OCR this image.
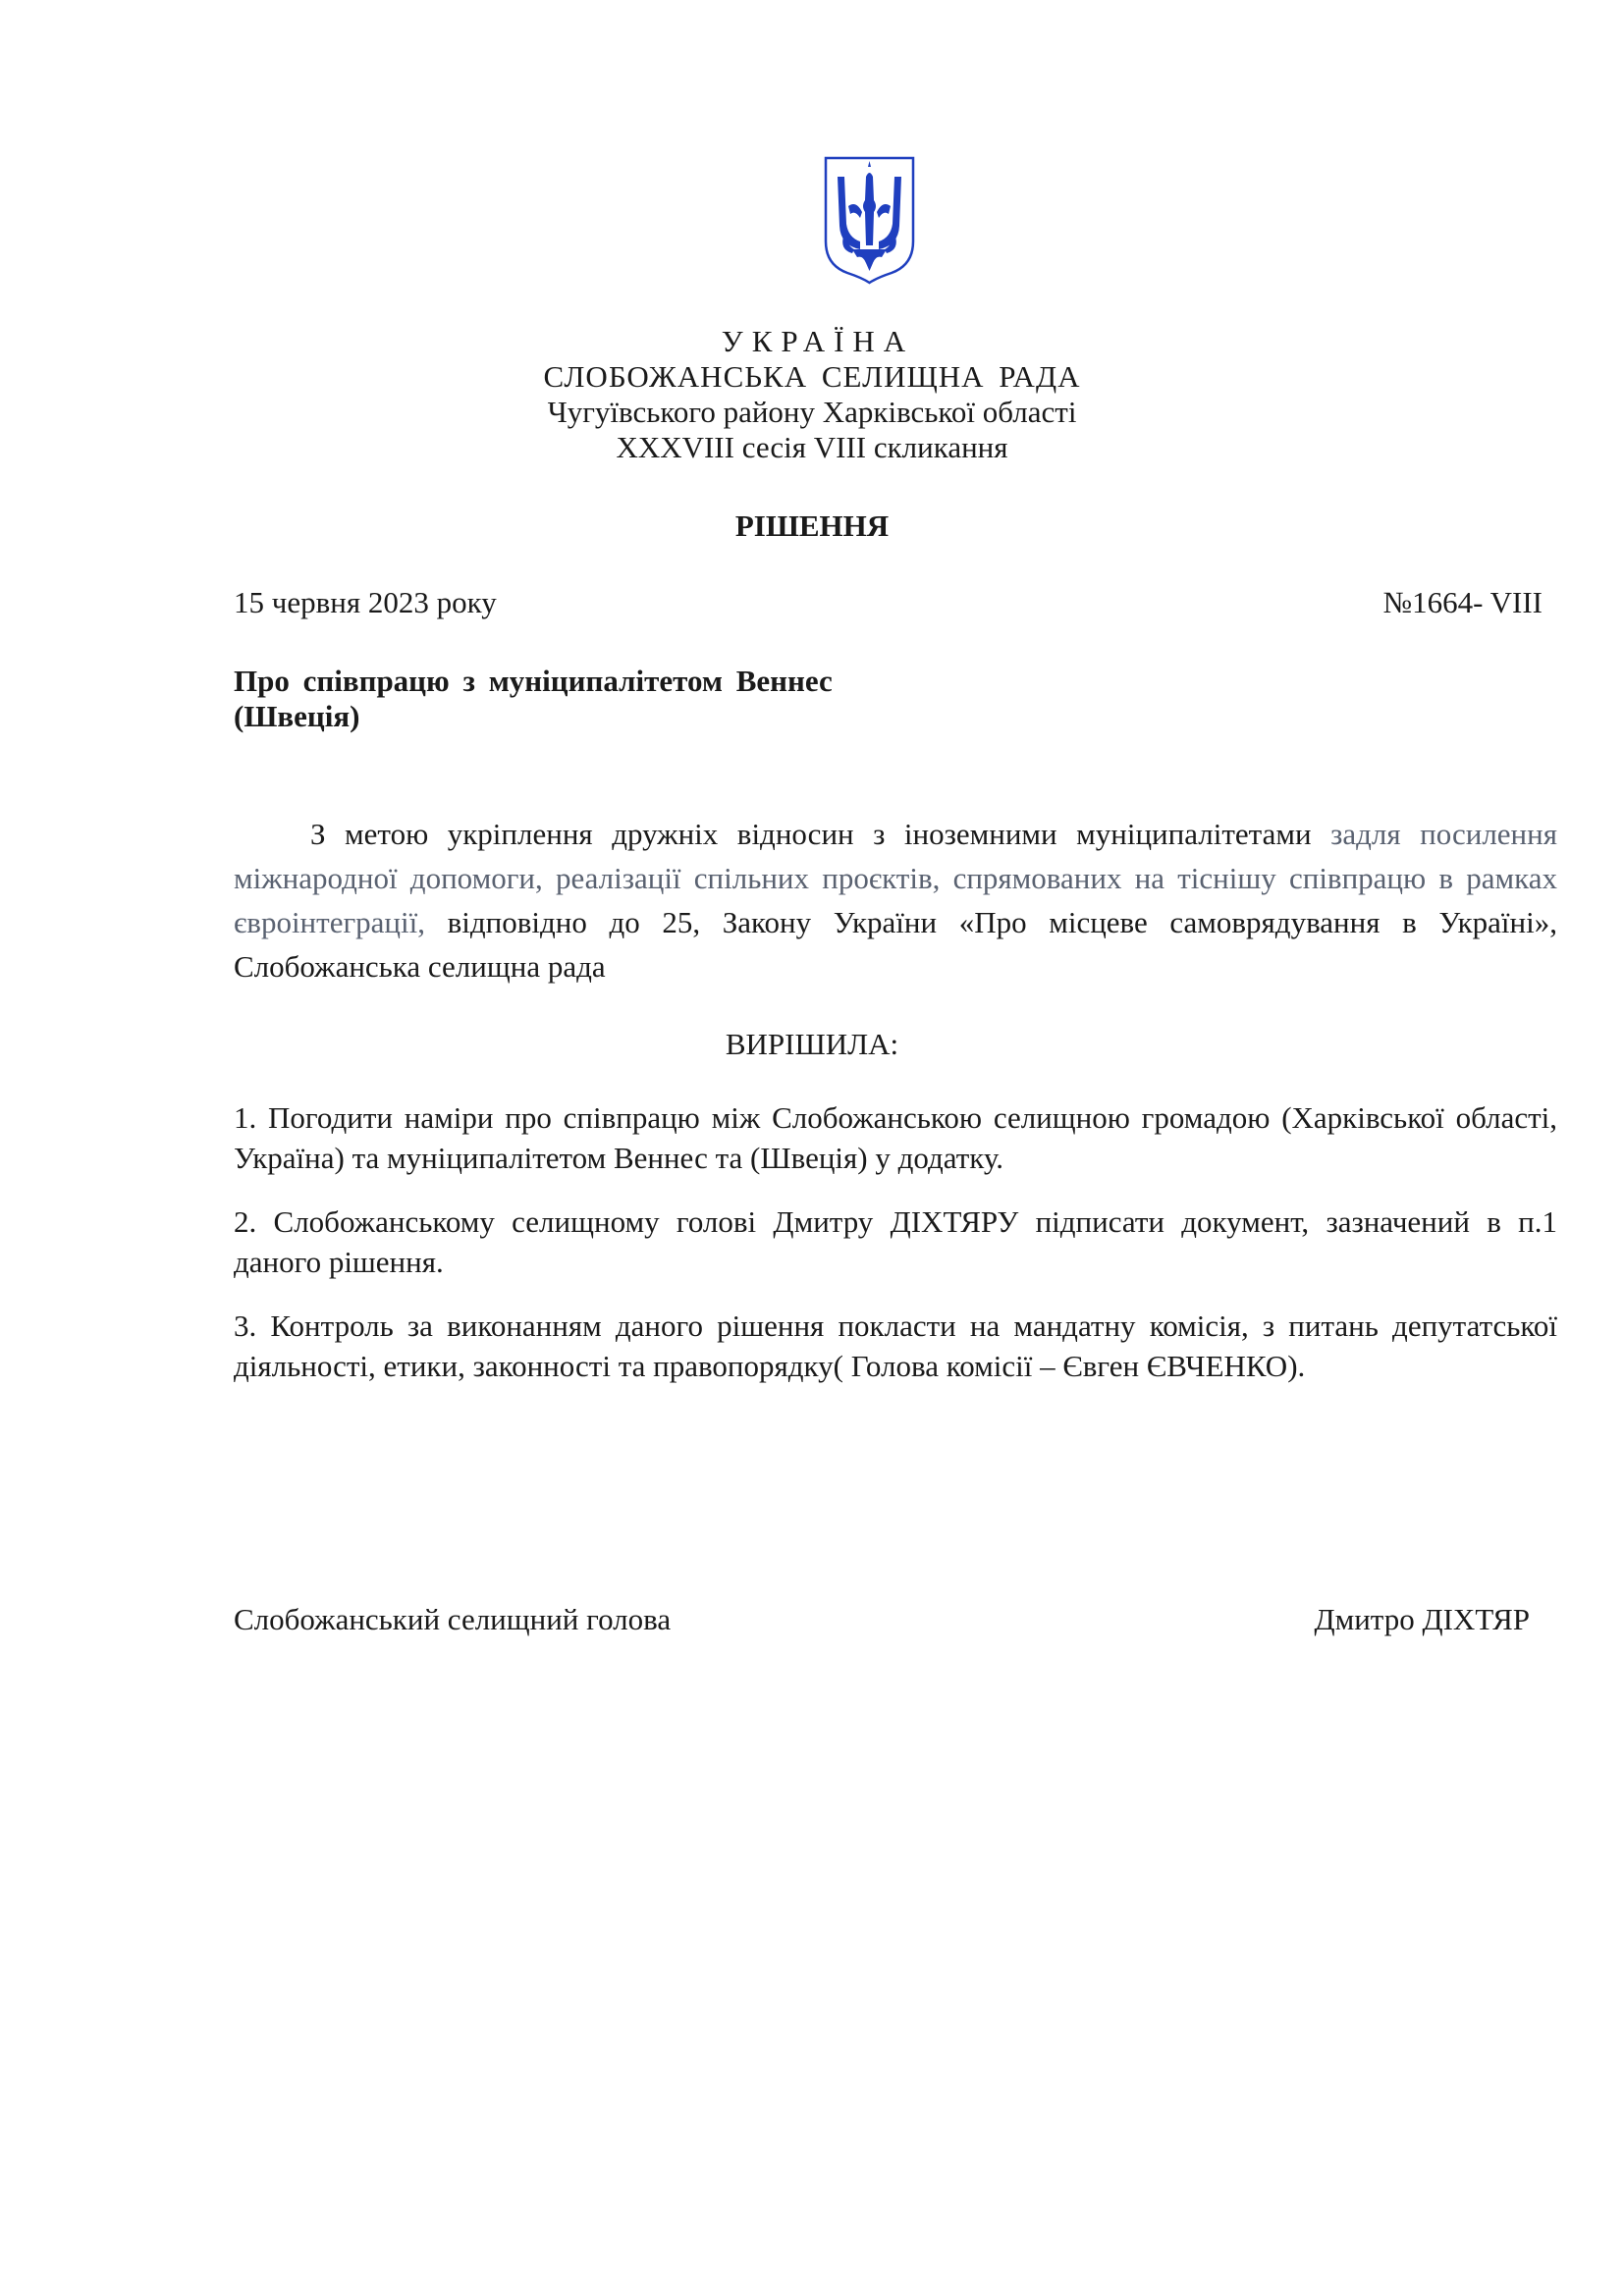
УКРАЇНА
СЛОБОЖАНСЬКА СЕЛИЩНА РАДА
Чугуївського району Харківської області
XXXVIII сесія VIII скликання
РІШЕННЯ
15 червня 2023 року	№1664- VIII
Про співпрацю з муніципалітетом Веннес
(Швеція)
З метою укріплення дружніх відносин з іноземними муніципалітетами задля посилення міжнародної допомоги, реалізації спільних проєктів, спрямованих на тіснішу співпрацю в рамках євроінтеграції, відповідно до 25, Закону України «Про місцеве самоврядування в Україні», Слобожанська селищна рада
ВИРІШИЛА:
1. Погодити наміри про співпрацю між Слобожанською селищною громадою (Харківської області, Україна) та муніципалітетом Веннес та (Швеція) у додатку.
2. Слобожанському селищному голові Дмитру ДІХТЯРУ підписати документ, зазначений в п.1 даного рішення.
3. Контроль за виконанням даного рішення покласти на мандатну комісія, з питань депутатської діяльності, етики, законності та правопорядку( Голова комісії – Євген ЄВЧЕНКО).
Слобожанський селищний голова	Дмитро ДІХТЯР
